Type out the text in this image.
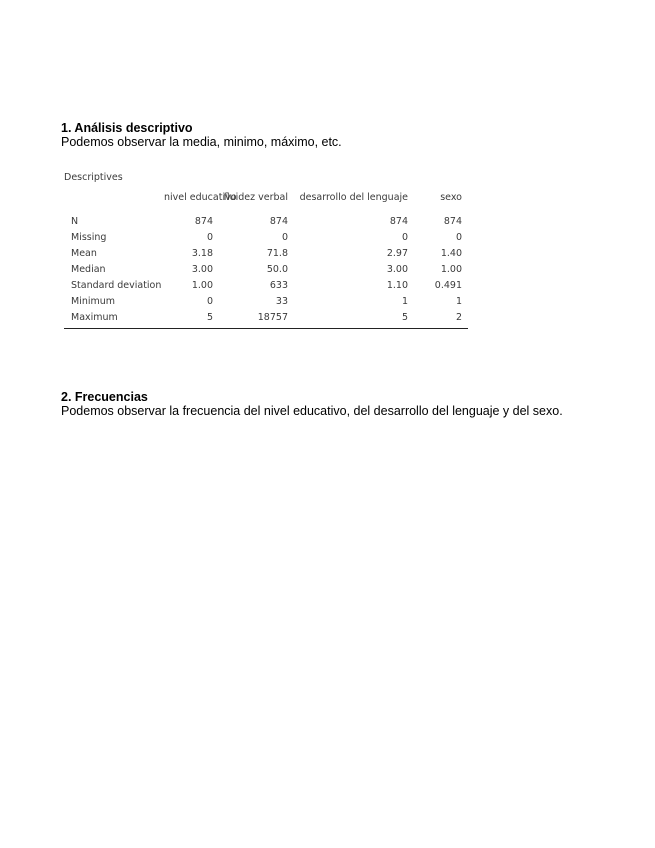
1. Análisis descriptivo

Podemos observar la media, minimo, máximo, etc.

Descriptives
	nivel educativo	fluidez verbal	desarrollo del lenguaje	sexo
N	874	874	874	874
Missing	0	0	0	0
Mean	3.18	71.8	2.97	1.40
Median	3.00	50.0	3.00	1.00
Standard deviation	1.00	633	1.10	0.491
Minimum	0	33	1	1
Maximum	5	18757	5	2

2. Frecuencias

Podemos observar la frecuencia del nivel educativo, del desarrollo del lenguaje y del sexo.
